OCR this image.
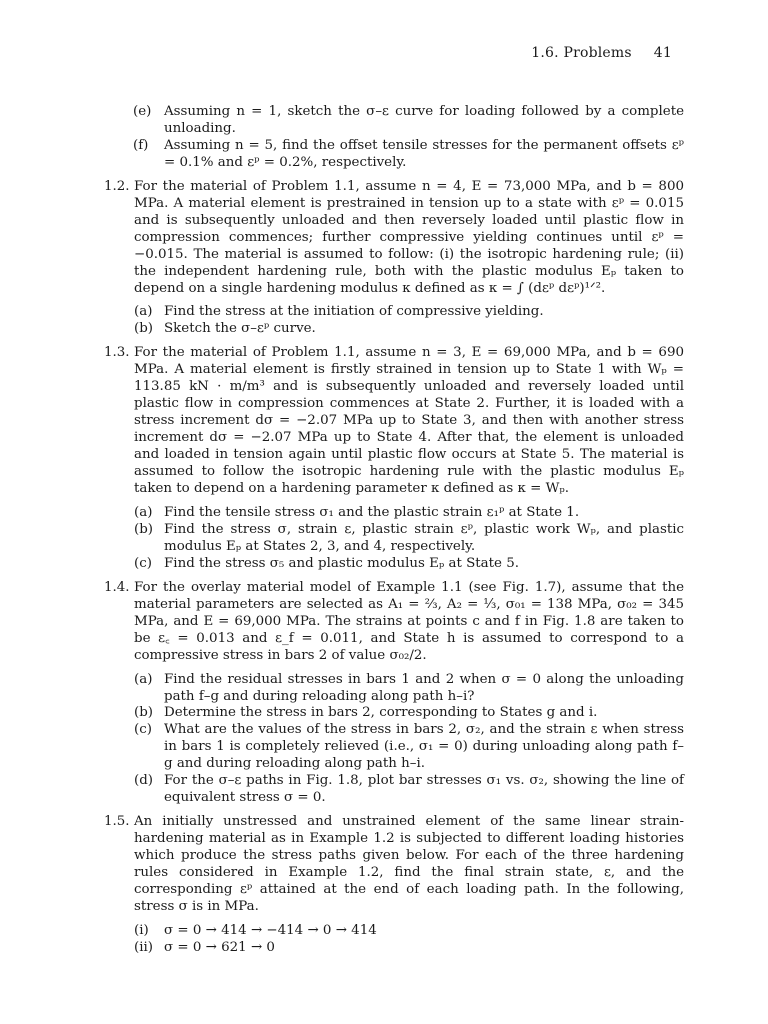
1.6. Problems 41
(e) Assuming n = 1, sketch the σ–ε curve for loading followed by a complete unloading.

(f) Assuming n = 5, find the offset tensile stresses for the permanent offsets εᵖ = 0.1% and εᵖ = 0.2%, respectively.

1.2. For the material of Problem 1.1, assume n = 4, E = 73,000 MPa, and b = 800 MPa. A material element is prestrained in tension up to a state with εᵖ = 0.015 and is subsequently unloaded and then reversely loaded until plastic flow in compression commences; further compressive yielding continues until εᵖ = −0.015. The material is assumed to follow: (i) the isotropic hardening rule; (ii) the independent hardening rule, both with the plastic modulus Eₚ taken to depend on a single hardening modulus κ defined as κ = ∫ (dεᵖ dεᵖ)¹ᐟ².

(a) Find the stress at the initiation of compressive yielding.

(b) Sketch the σ–εᵖ curve.

1.3. For the material of Problem 1.1, assume n = 3, E = 69,000 MPa, and b = 690 MPa. A material element is firstly strained in tension up to State 1 with Wₚ = 113.85 kN · m/m³ and is subsequently unloaded and reversely loaded until plastic flow in compression commences at State 2. Further, it is loaded with a stress increment dσ = −2.07 MPa up to State 3, and then with another stress increment dσ = −2.07 MPa up to State 4. After that, the element is unloaded and loaded in tension again until plastic flow occurs at State 5. The material is assumed to follow the isotropic hardening rule with the plastic modulus Eₚ taken to depend on a hardening parameter κ defined as κ = Wₚ.

(a) Find the tensile stress σ₁ and the plastic strain ε₁ᵖ at State 1.

(b) Find the stress σ, strain ε, plastic strain εᵖ, plastic work Wₚ, and plastic modulus Eₚ at States 2, 3, and 4, respectively.

(c) Find the stress σ₅ and plastic modulus Eₚ at State 5.

1.4. For the overlay material model of Example 1.1 (see Fig. 1.7), assume that the material parameters are selected as A₁ = ⅔, A₂ = ⅓, σ₀₁ = 138 MPa, σ₀₂ = 345 MPa, and E = 69,000 MPa. The strains at points c and f in Fig. 1.8 are taken to be ε꜀ = 0.013 and ε_f = 0.011, and State h is assumed to correspond to a compressive stress in bars 2 of value σ₀₂/2.

(a) Find the residual stresses in bars 1 and 2 when σ = 0 along the unloading path f–g and during reloading along path h–i?

(b) Determine the stress in bars 2, corresponding to States g and i.

(c) What are the values of the stress in bars 2, σ₂, and the strain ε when stress in bars 1 is completely relieved (i.e., σ₁ = 0) during unloading along path f–g and during reloading along path h–i.

(d) For the σ–ε paths in Fig. 1.8, plot bar stresses σ₁ vs. σ₂, showing the line of equivalent stress σ = 0.

1.5. An initially unstressed and unstrained element of the same linear strain-hardening material as in Example 1.2 is subjected to different loading histories which produce the stress paths given below. For each of the three hardening rules considered in Example 1.2, find the final strain state, ε, and the corresponding εᵖ attained at the end of each loading path. In the following, stress σ is in MPa.

(i) σ = 0 → 414 → −414 → 0 → 414

(ii) σ = 0 → 621 → 0
